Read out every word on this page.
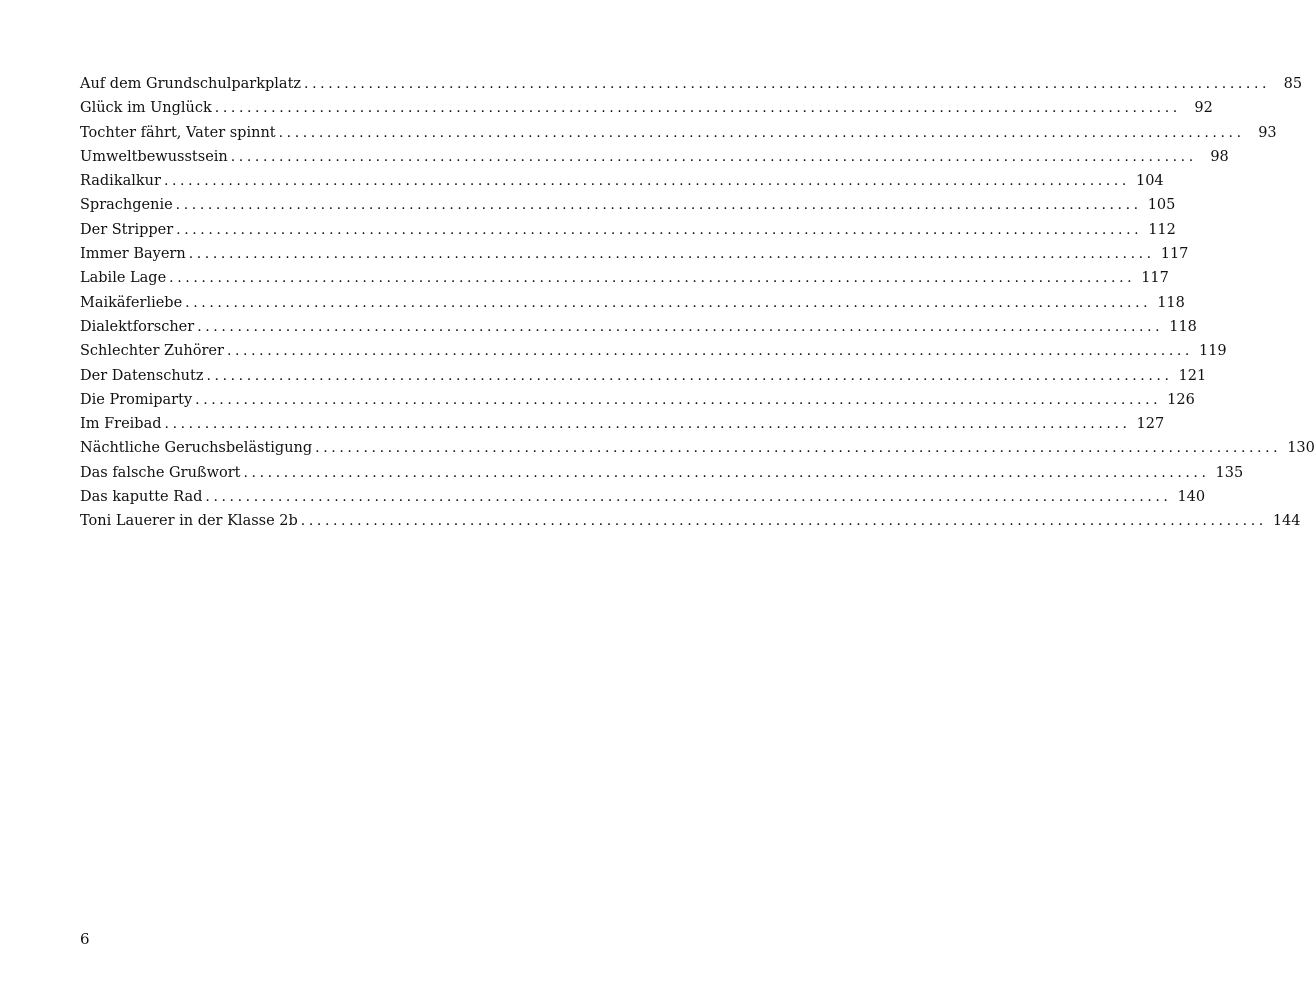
Auf dem Grundschulparkplatz ........................................................................................................................ 85
Glück im Unglück ........................................................................................................................ 92
Tochter fährt, Vater spinnt ........................................................................................................................ 93
Umweltbewusstsein ........................................................................................................................ 98
Radikalkur ........................................................................................................................ 104
Sprachgenie ........................................................................................................................ 105
Der Stripper ........................................................................................................................ 112
Immer Bayern ........................................................................................................................ 117
Labile Lage ........................................................................................................................ 117
Maikäferliebe ........................................................................................................................ 118
Dialektforscher ........................................................................................................................ 118
Schlechter Zuhörer ........................................................................................................................ 119
Der Datenschutz ........................................................................................................................ 121
Die Promiparty ........................................................................................................................ 126
Im Freibad ........................................................................................................................ 127
Nächtliche Geruchsbelästigung ........................................................................................................................ 130
Das falsche Grußwort ........................................................................................................................ 135
Das kaputte Rad ........................................................................................................................ 140
Toni Lauerer in der Klasse 2b ........................................................................................................................ 144
6
